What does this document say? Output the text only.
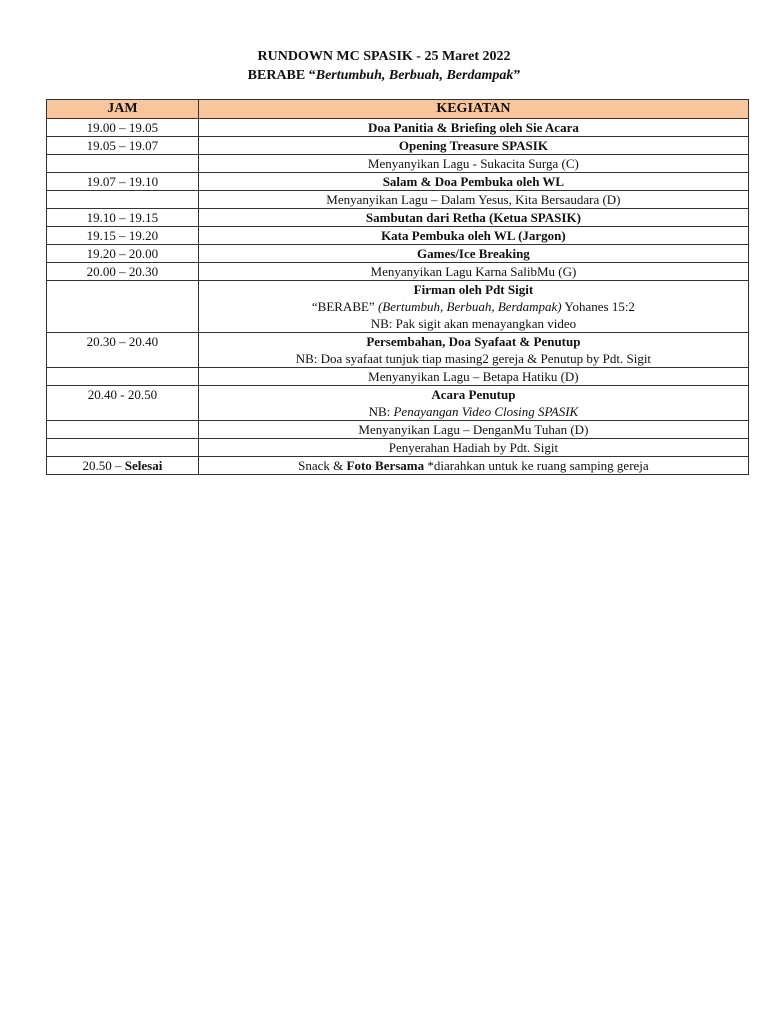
RUNDOWN MC SPASIK - 25 Maret 2022
BERABE “Bertumbuh, Berbuah, Berdampak”
JAM	KEGIATAN
19.00 – 19.05	Doa Panitia & Briefing oleh Sie Acara
19.05 – 19.07	Opening Treasure SPASIK
	Menyanyikan Lagu - Sukacita Surga (C)
19.07 – 19.10	Salam & Doa Pembuka oleh WL
	Menyanyikan Lagu – Dalam Yesus, Kita Bersaudara (D)
19.10 – 19.15	Sambutan dari Retha (Ketua SPASIK)
19.15 – 19.20	Kata Pembuka oleh WL (Jargon)
19.20 – 20.00	Games/Ice Breaking
20.00 – 20.30	Menyanyikan Lagu Karna SalibMu (G)

	Firman oleh Pdt Sigit
“BERABE” (Bertumbuh, Berbuah, Berdampak) Yohanes 15:2
NB: Pak sigit akan menayangkan video

20.30 – 20.40	Persembahan, Doa Syafaat & Penutup
NB: Doa syafaat tunjuk tiap masing2 gereja & Penutup by Pdt. Sigit

	Menyanyikan Lagu – Betapa Hatiku (D)
20.40 - 20.50	Acara Penutup
NB: Penayangan Video Closing SPASIK

	Menyanyikan Lagu – DenganMu Tuhan (D)
	Penyerahan Hadiah by Pdt. Sigit
20.50 – Selesai	Snack & Foto Bersama *diarahkan untuk ke ruang samping gereja
